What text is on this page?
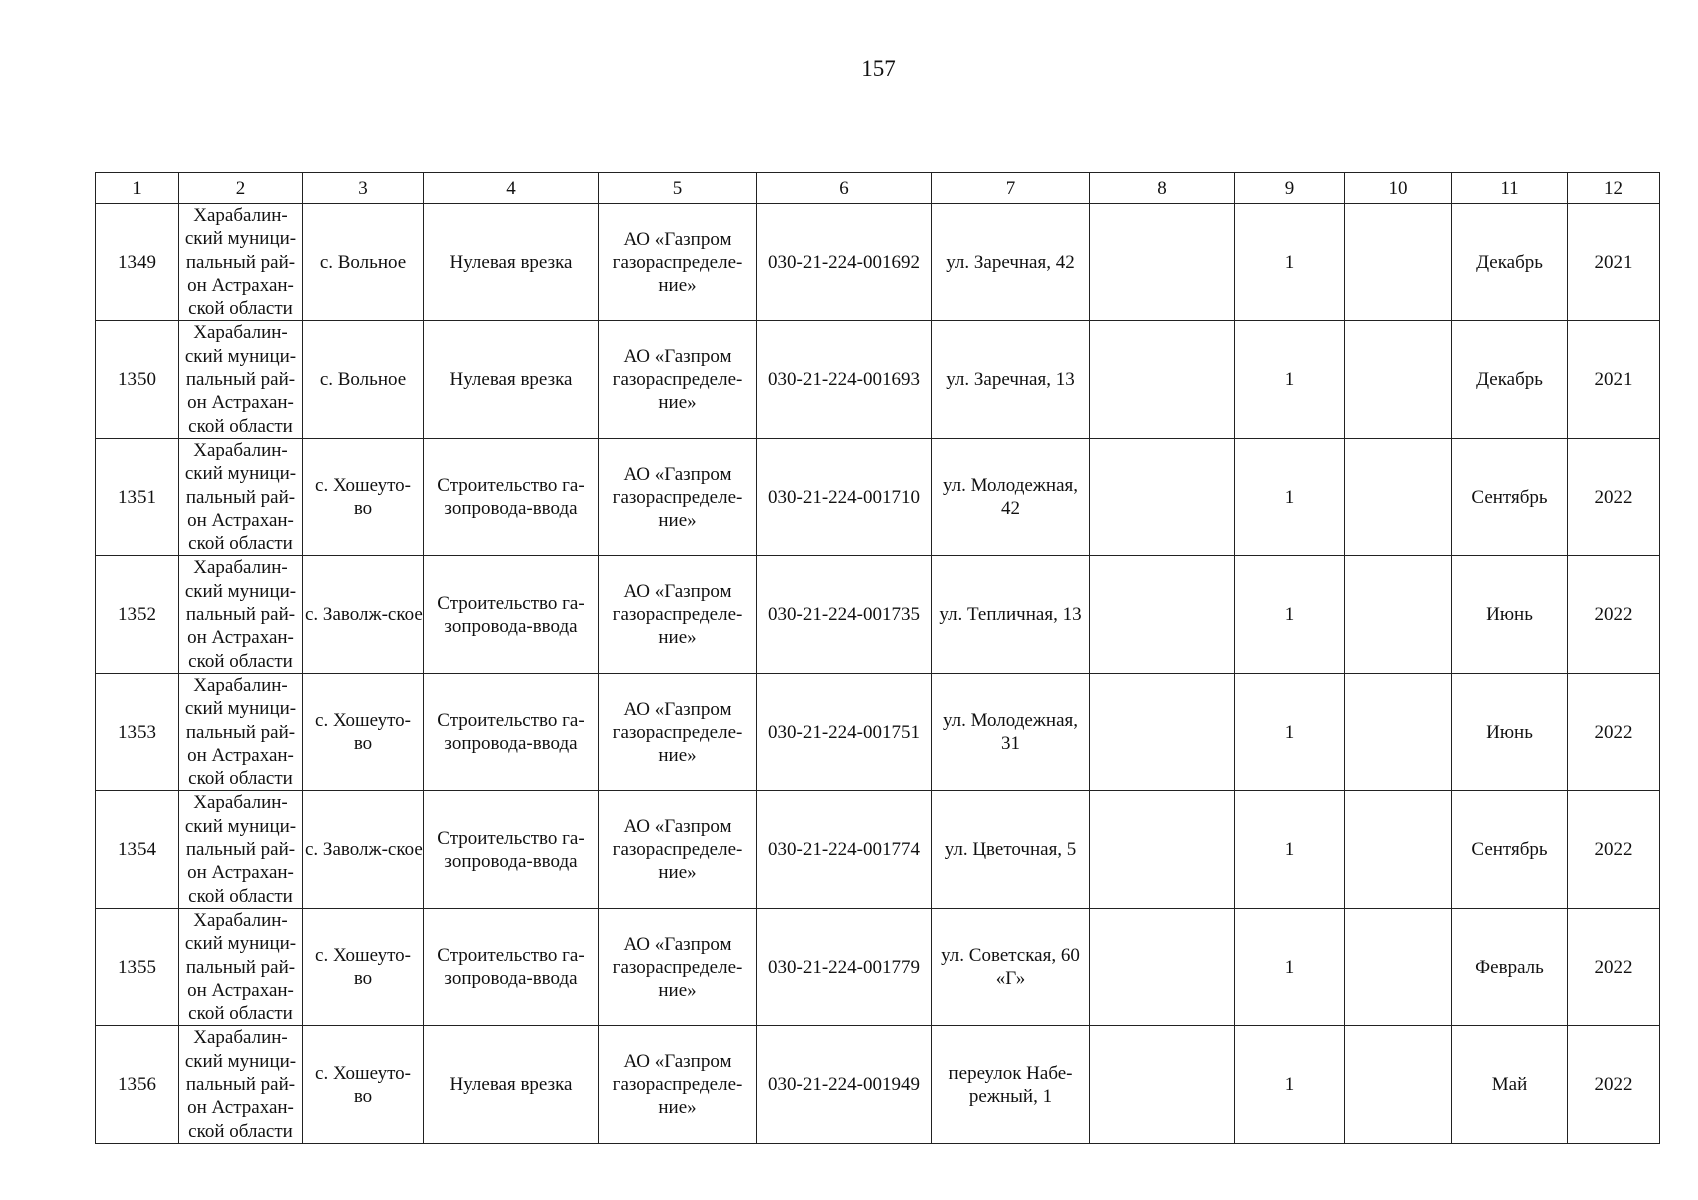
157
1	2	3	4	5	6	7	8	9	10	11	12
1349	Харабалин-
ский муници-
пальный рай-
он Астрахан-
ской области	с. Вольное	Нулевая врезка	АО «Газпром
газораспределе-
ние»	030-21-224-001692	ул. Заречная, 42		1		Декабрь	2021
1350	Харабалин-
ский муници-
пальный рай-
он Астрахан-
ской области	с. Вольное	Нулевая врезка	АО «Газпром
газораспределе-
ние»	030-21-224-001693	ул. Заречная, 13		1		Декабрь	2021
1351	Харабалин-
ский муници-
пальный рай-
он Астрахан-
ской области	с. Хошеуто-
во	Строительство га-
зопровода-ввода	АО «Газпром
газораспределе-
ние»	030-21-224-001710	ул. Молодежная,
42		1		Сентябрь	2022
1352	Харабалин-
ский муници-
пальный рай-
он Астрахан-
ской области	с. Заволж-ское	Строительство га-
зопровода-ввода	АО «Газпром
газораспределе-
ние»	030-21-224-001735	ул. Тепличная, 13		1		Июнь	2022
1353	Харабалин-
ский муници-
пальный рай-
он Астрахан-
ской области	с. Хошеуто-
во	Строительство га-
зопровода-ввода	АО «Газпром
газораспределе-
ние»	030-21-224-001751	ул. Молодежная,
31		1		Июнь	2022
1354	Харабалин-
ский муници-
пальный рай-
он Астрахан-
ской области	с. Заволж-ское	Строительство га-
зопровода-ввода	АО «Газпром
газораспределе-
ние»	030-21-224-001774	ул. Цветочная, 5		1		Сентябрь	2022
1355	Харабалин-
ский муници-
пальный рай-
он Астрахан-
ской области	с. Хошеуто-
во	Строительство га-
зопровода-ввода	АО «Газпром
газораспределе-
ние»	030-21-224-001779	ул. Советская, 60
«Г»		1		Февраль	2022
1356	Харабалин-
ский муници-
пальный рай-
он Астрахан-
ской области	с. Хошеуто-
во	Нулевая врезка	АО «Газпром
газораспределе-
ние»	030-21-224-001949	переулок Набе-
режный, 1		1		Май	2022
